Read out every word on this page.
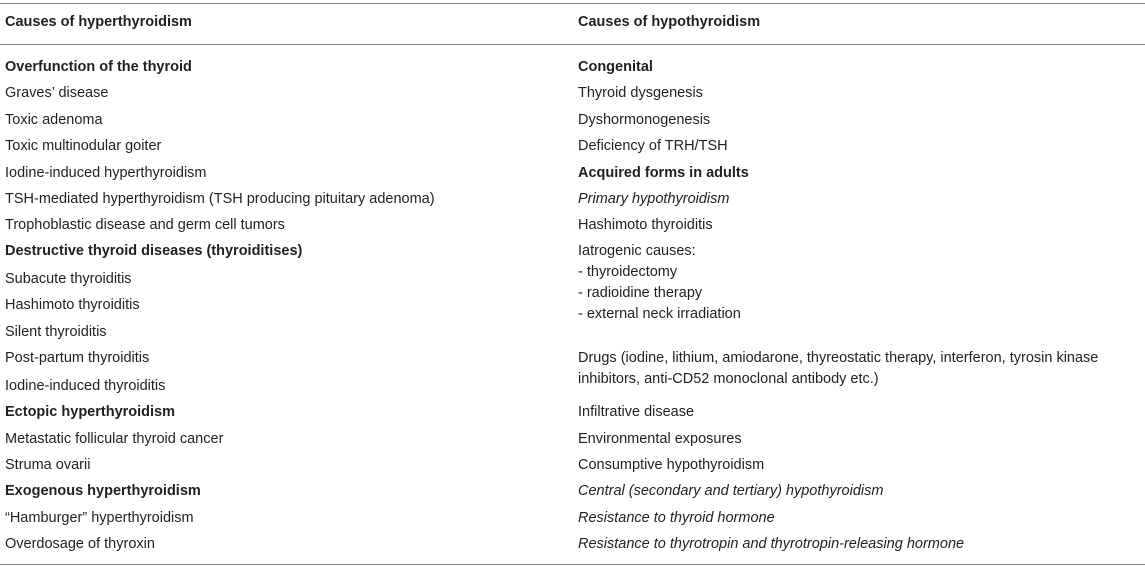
Causes of hyperthyroidism	Causes of hypothyroidism
Overfunction of the thyroid
Graves’ disease
Toxic adenoma
Toxic multinodular goiter
Iodine-induced hyperthyroidism
TSH-mediated hyperthyroidism (TSH producing pituitary adenoma)
Trophoblastic disease and germ cell tumors
Destructive thyroid diseases (thyroiditises)
Subacute thyroiditis
Hashimoto thyroiditis
Silent thyroiditis
Post-partum thyroiditis
Iodine-induced thyroiditis
Ectopic hyperthyroidism
Metastatic follicular thyroid cancer
Struma ovarii
Exogenous hyperthyroidism
“Hamburger” hyperthyroidism
Overdosage of thyroxin
Congenital
Thyroid dysgenesis
Dyshormonogenesis
Deficiency of TRH/TSH
Acquired forms in adults
Primary hypothyroidism
Hashimoto thyroiditis
Iatrogenic causes:
- thyroidectomy
- radioidine therapy
- external neck irradiation
Drugs (iodine, lithium, amiodarone, thyreostatic therapy, interferon, tyrosin kinase
inhibitors, anti-CD52 monoclonal antibody etc.)
Infiltrative disease
Environmental exposures
Consumptive hypothyroidism
Central (secondary and tertiary) hypothyroidism
Resistance to thyroid hormone
Resistance to thyrotropin and thyrotropin-releasing hormone
